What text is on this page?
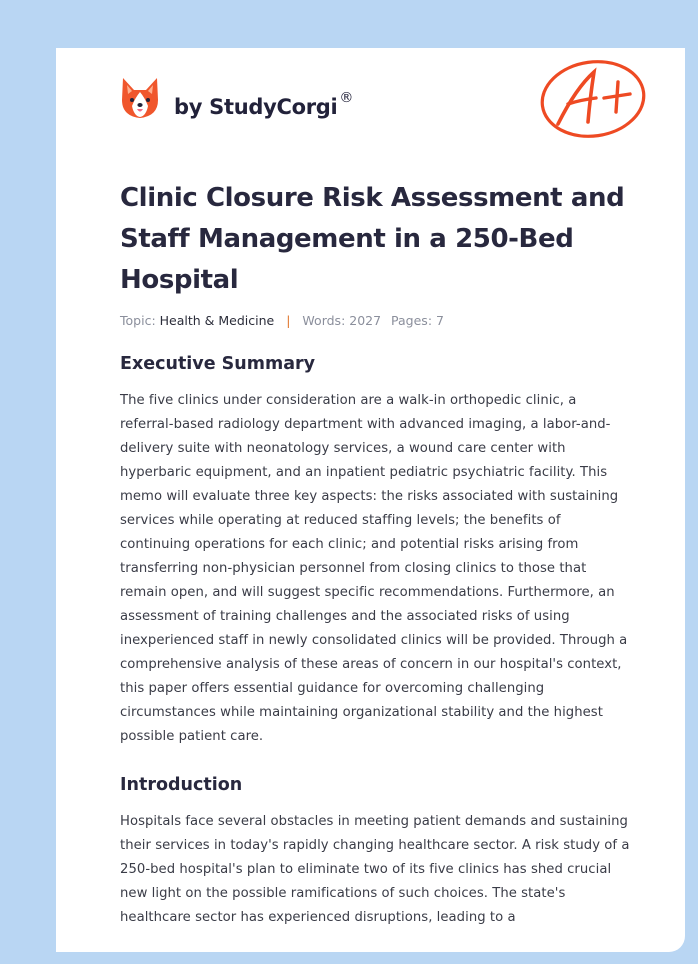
by StudyCorgi ®
Clinic Closure Risk Assessment and Staff Management in a 250-Bed Hospital
Topic: Health & Medicine | Words: 2027 Pages: 7
Executive Summary

The five clinics under consideration are a walk-in orthopedic clinic, a referral-based radiology department with advanced imaging, a labor-and-delivery suite with neonatology services, a wound care center with hyperbaric equipment, and an inpatient pediatric psychiatric facility. This memo will evaluate three key aspects: the risks associated with sustaining services while operating at reduced staffing levels; the benefits of continuing operations for each clinic; and potential risks arising from transferring non-physician personnel from closing clinics to those that remain open, and will suggest specific recommendations. Furthermore, an assessment of training challenges and the associated risks of using inexperienced staff in newly consolidated clinics will be provided. Through a comprehensive analysis of these areas of concern in our hospital's context, this paper offers essential guidance for overcoming challenging circumstances while maintaining organizational stability and the highest possible patient care.

Introduction

Hospitals face several obstacles in meeting patient demands and sustaining their services in today's rapidly changing healthcare sector. A risk study of a 250-bed hospital's plan to eliminate two of its five clinics has shed crucial new light on the possible ramifications of such choices. The state's healthcare sector has experienced disruptions, leading to a
